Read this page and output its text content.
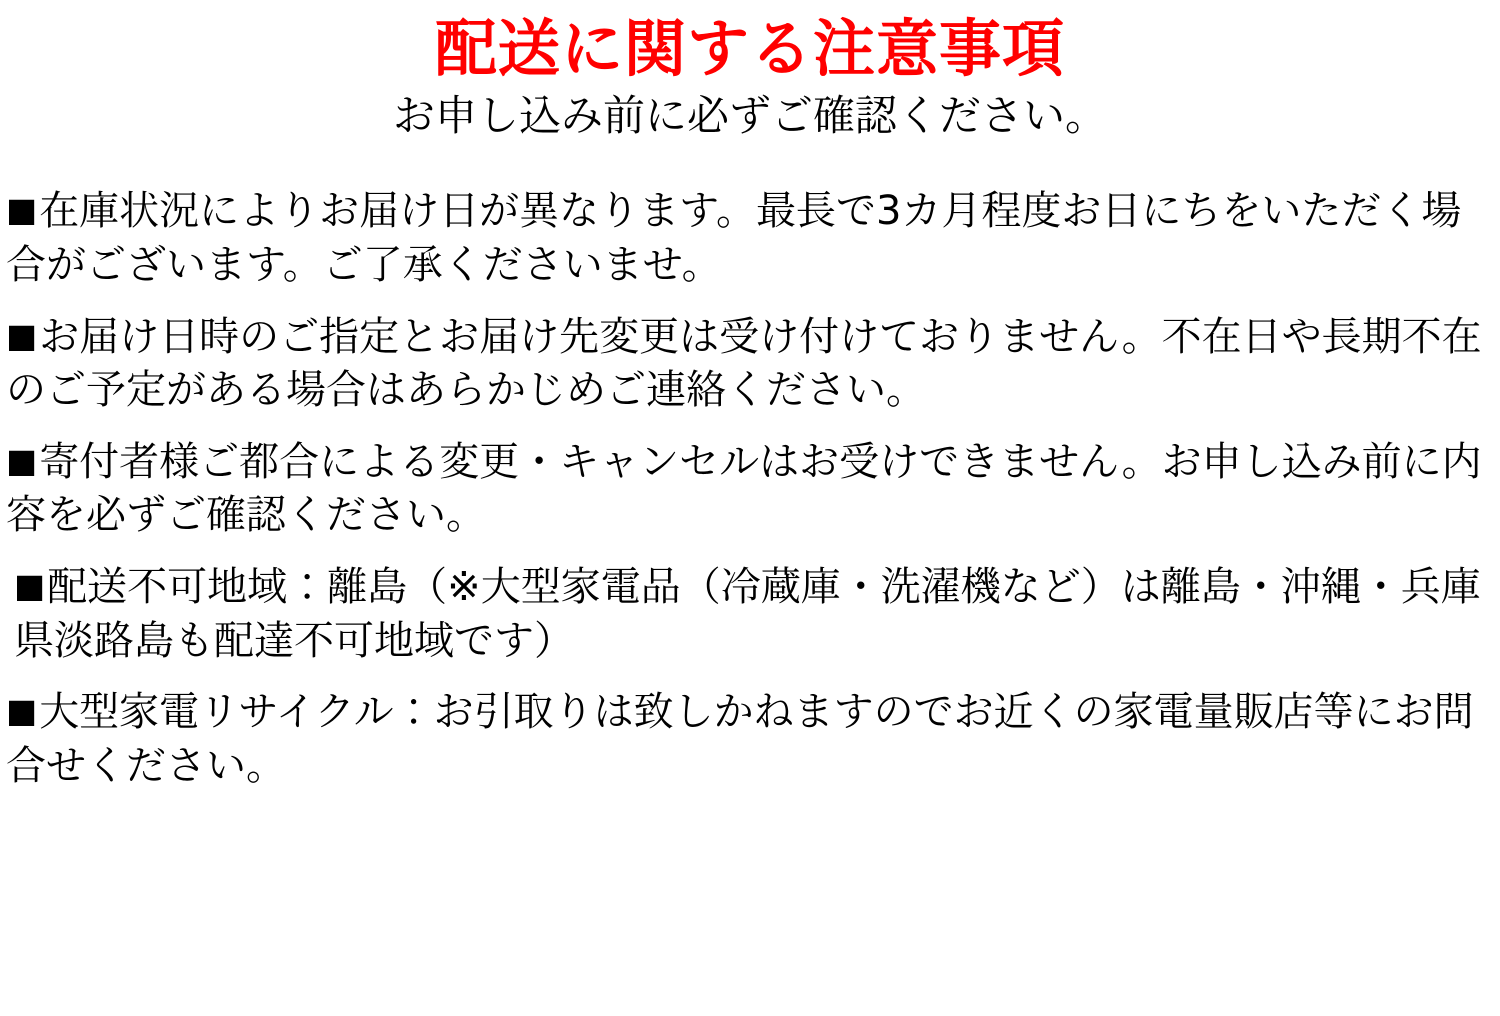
配送に関する注意事項

お申し込み前に必ずご確認ください。

■在庫状況によりお届け日が異なります。最長で3カ月程度お日にちをいただく場合がございます。ご了承くださいませ。

■お届け日時のご指定とお届け先変更は受け付けておりません。不在日や長期不在のご予定がある場合はあらかじめご連絡ください。

■寄付者様ご都合による変更・キャンセルはお受けできません。お申し込み前に内容を必ずご確認ください。

■配送不可地域：離島（※大型家電品（冷蔵庫・洗濯機など）は離島・沖縄・兵庫県淡路島も配達不可地域です）

■大型家電リサイクル：お引取りは致しかねますのでお近くの家電量販店等にお問合せください。
